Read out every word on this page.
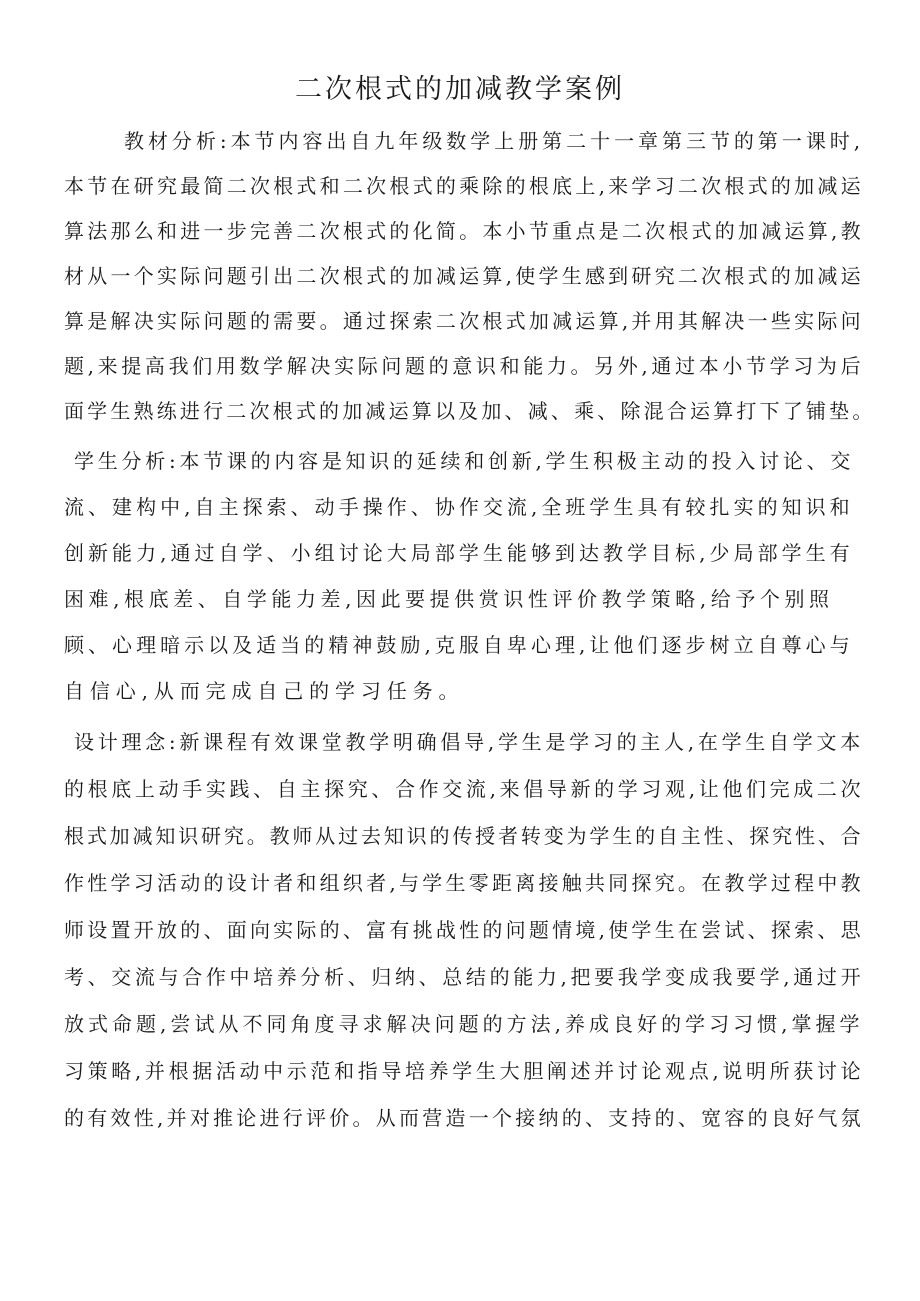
二次根式的加减教学案例
教材分析:本节内容出自九年级数学上册第二十一章第三节的第一课时,
本节在研究最简二次根式和二次根式的乘除的根底上,来学习二次根式的加减运
算法那么和进一步完善二次根式的化简。本小节重点是二次根式的加减运算,教
材从一个实际问题引出二次根式的加减运算,使学生感到研究二次根式的加减运
算是解决实际问题的需要。通过探索二次根式加减运算,并用其解决一些实际问
题,来提高我们用数学解决实际问题的意识和能力。另外,通过本小节学习为后
面学生熟练进行二次根式的加减运算以及加、减、乘、除混合运算打下了铺垫。
学生分析:本节课的内容是知识的延续和创新,学生积极主动的投入讨论、交
流、建构中,自主探索、动手操作、协作交流,全班学生具有较扎实的知识和
创新能力,通过自学、小组讨论大局部学生能够到达教学目标,少局部学生有
困难,根底差、自学能力差,因此要提供赏识性评价教学策略,给予个别照
顾、心理暗示以及适当的精神鼓励,克服自卑心理,让他们逐步树立自尊心与
自信心,从而完成自己的学习任务。
设计理念:新课程有效课堂教学明确倡导,学生是学习的主人,在学生自学文本
的根底上动手实践、自主探究、合作交流,来倡导新的学习观,让他们完成二次
根式加减知识研究。教师从过去知识的传授者转变为学生的自主性、探究性、合
作性学习活动的设计者和组织者,与学生零距离接触共同探究。在教学过程中教
师设置开放的、面向实际的、富有挑战性的问题情境,使学生在尝试、探索、思
考、交流与合作中培养分析、归纳、总结的能力,把要我学变成我要学,通过开
放式命题,尝试从不同角度寻求解决问题的方法,养成良好的学习习惯,掌握学
习策略,并根据活动中示范和指导培养学生大胆阐述并讨论观点,说明所获讨论
的有效性,并对推论进行评价。从而营造一个接纳的、支持的、宽容的良好气氛
